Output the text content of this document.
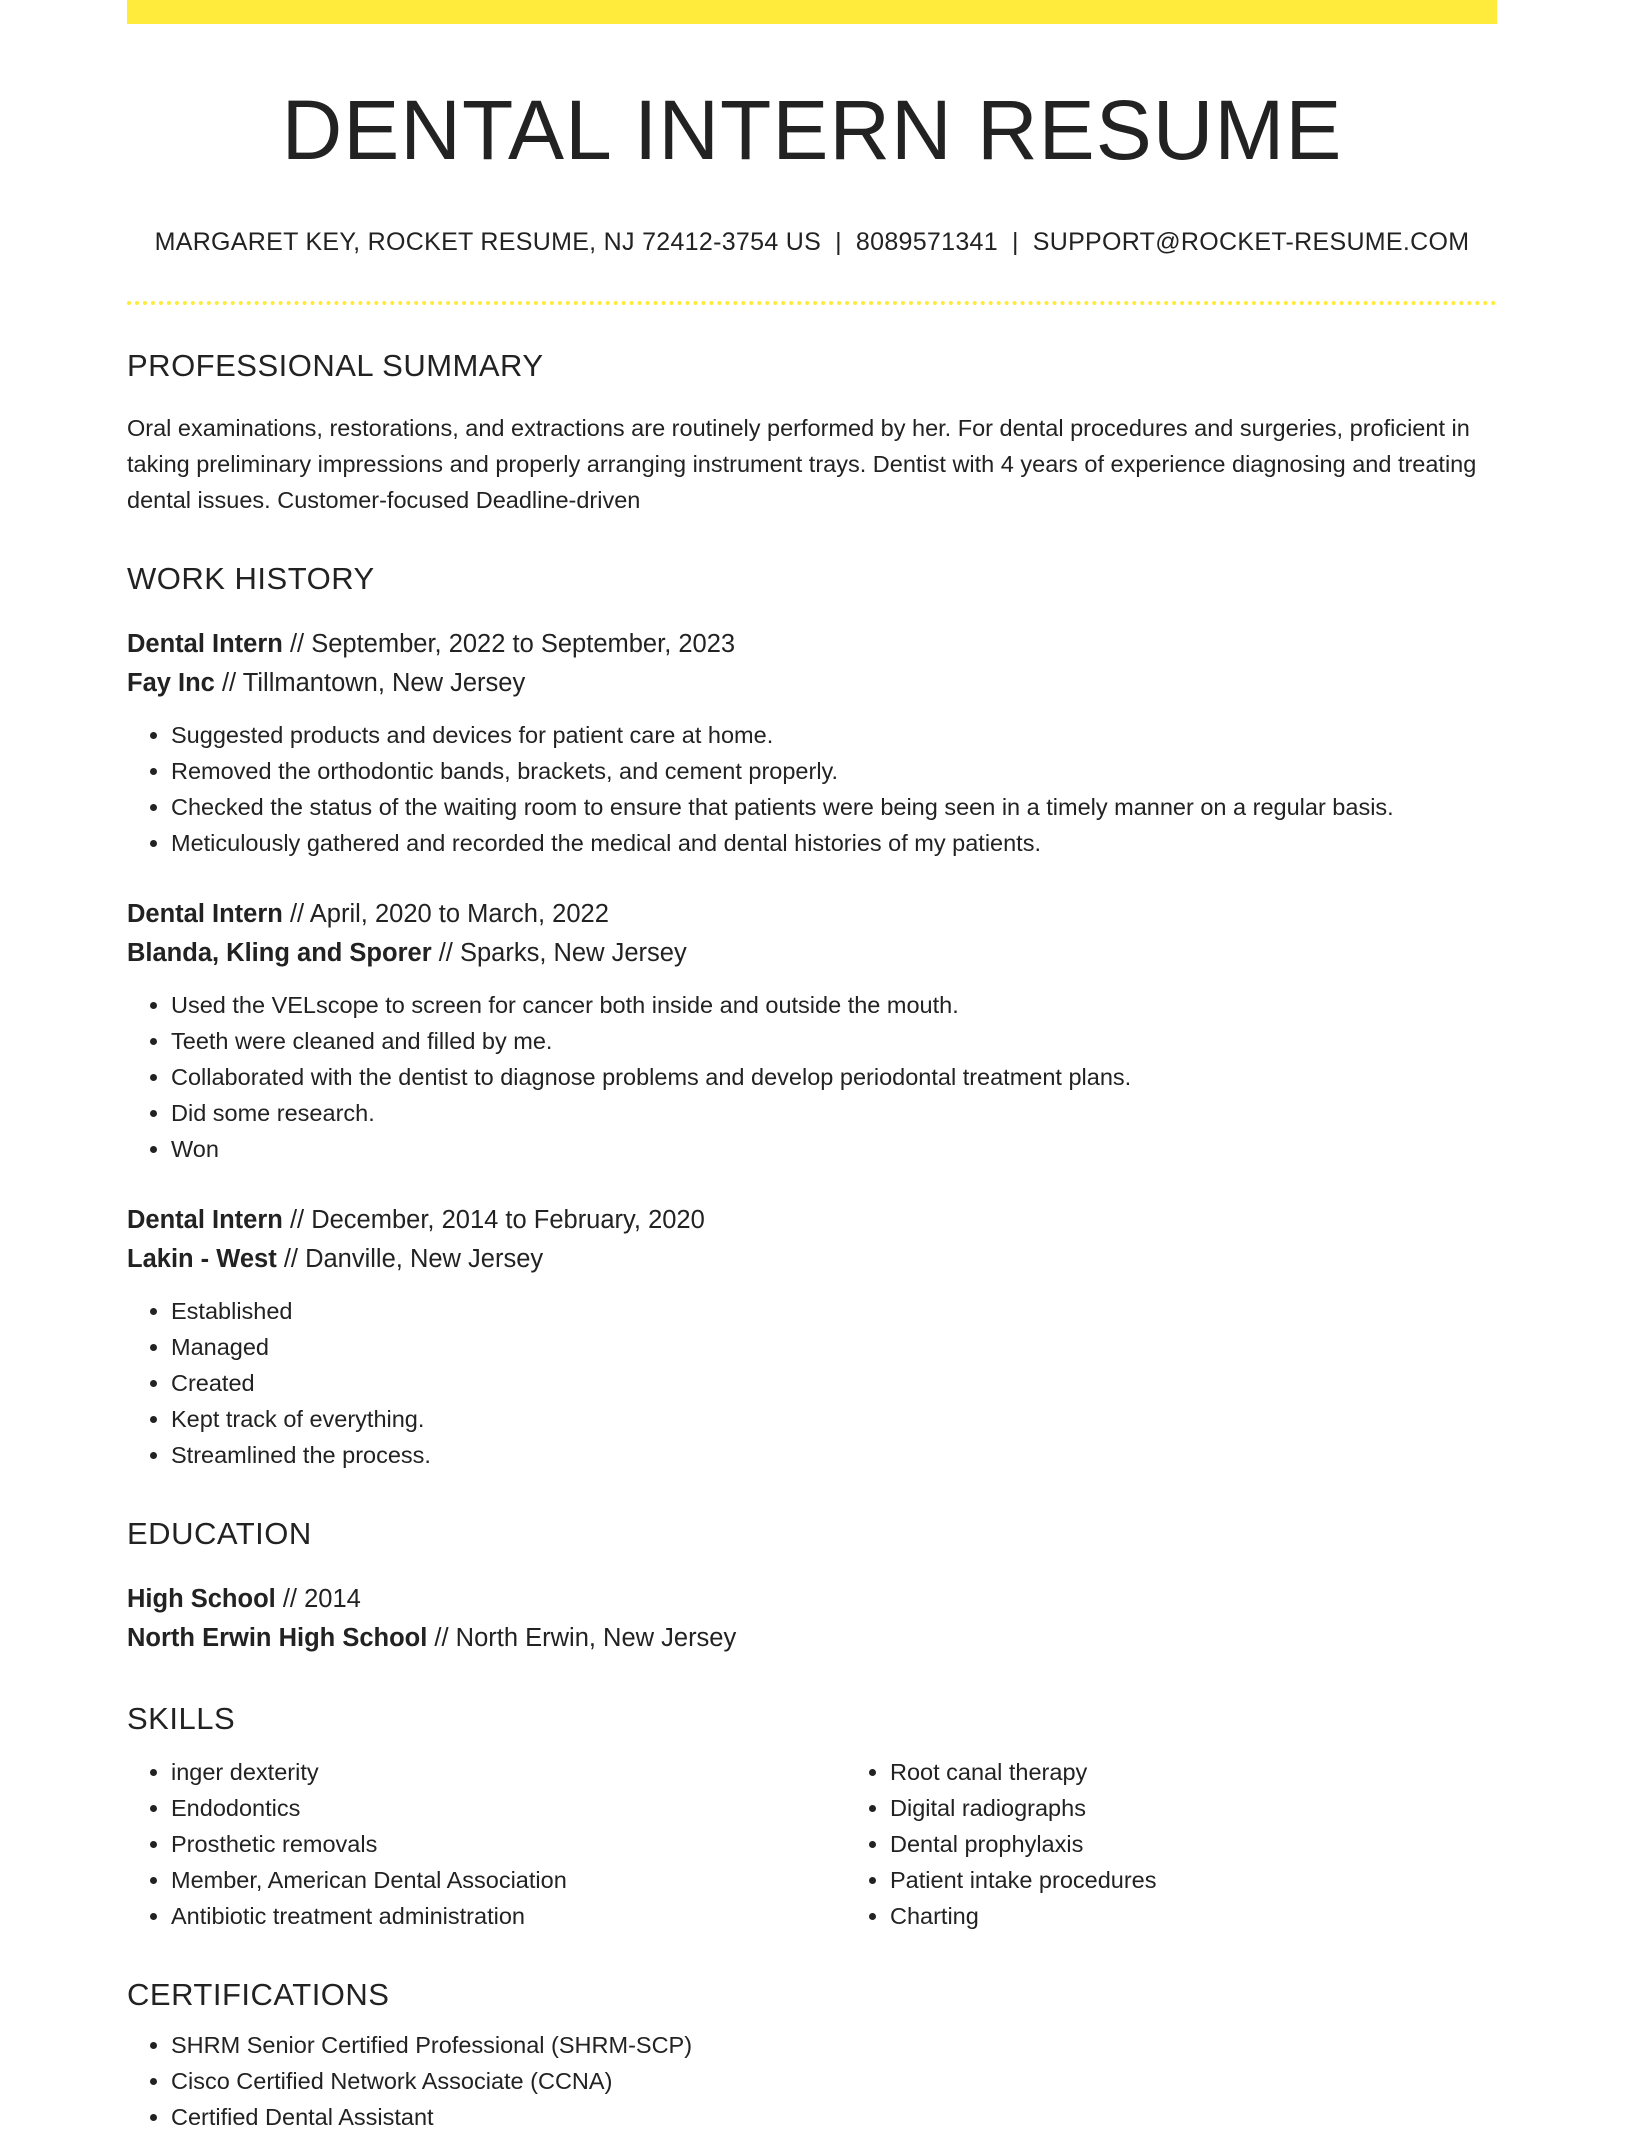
DENTAL INTERN RESUME
MARGARET KEY, ROCKET RESUME, NJ 72412-3754 US | 8089571341 | SUPPORT@ROCKET-RESUME.COM
PROFESSIONAL SUMMARY

Oral examinations, restorations, and extractions are routinely performed by her. For dental procedures and surgeries, proficient in taking preliminary impressions and properly arranging instrument trays. Dentist with 4 years of experience diagnosing and treating dental issues. Customer-focused Deadline-driven

WORK HISTORY
Dental Intern // September, 2022 to September, 2023
Fay Inc // Tillmantown, New Jersey
• Suggested products and devices for patient care at home.
• Removed the orthodontic bands, brackets, and cement properly.
• Checked the status of the waiting room to ensure that patients were being seen in a timely manner on a regular basis.
• Meticulously gathered and recorded the medical and dental histories of my patients.
Dental Intern // April, 2020 to March, 2022
Blanda, Kling and Sporer // Sparks, New Jersey
• Used the VELscope to screen for cancer both inside and outside the mouth.
• Teeth were cleaned and filled by me.
• Collaborated with the dentist to diagnose problems and develop periodontal treatment plans.
• Did some research.
• Won
Dental Intern // December, 2014 to February, 2020
Lakin - West // Danville, New Jersey
• Established
• Managed
• Created
• Kept track of everything.
• Streamlined the process.
EDUCATION
High School // 2014
North Erwin High School // North Erwin, New Jersey
SKILLS
• inger dexterity
• Endodontics
• Prosthetic removals
• Member, American Dental Association
• Antibiotic treatment administration
• Root canal therapy
• Digital radiographs
• Dental prophylaxis
• Patient intake procedures
• Charting
CERTIFICATIONS
• SHRM Senior Certified Professional (SHRM-SCP)
• Cisco Certified Network Associate (CCNA)
• Certified Dental Assistant
